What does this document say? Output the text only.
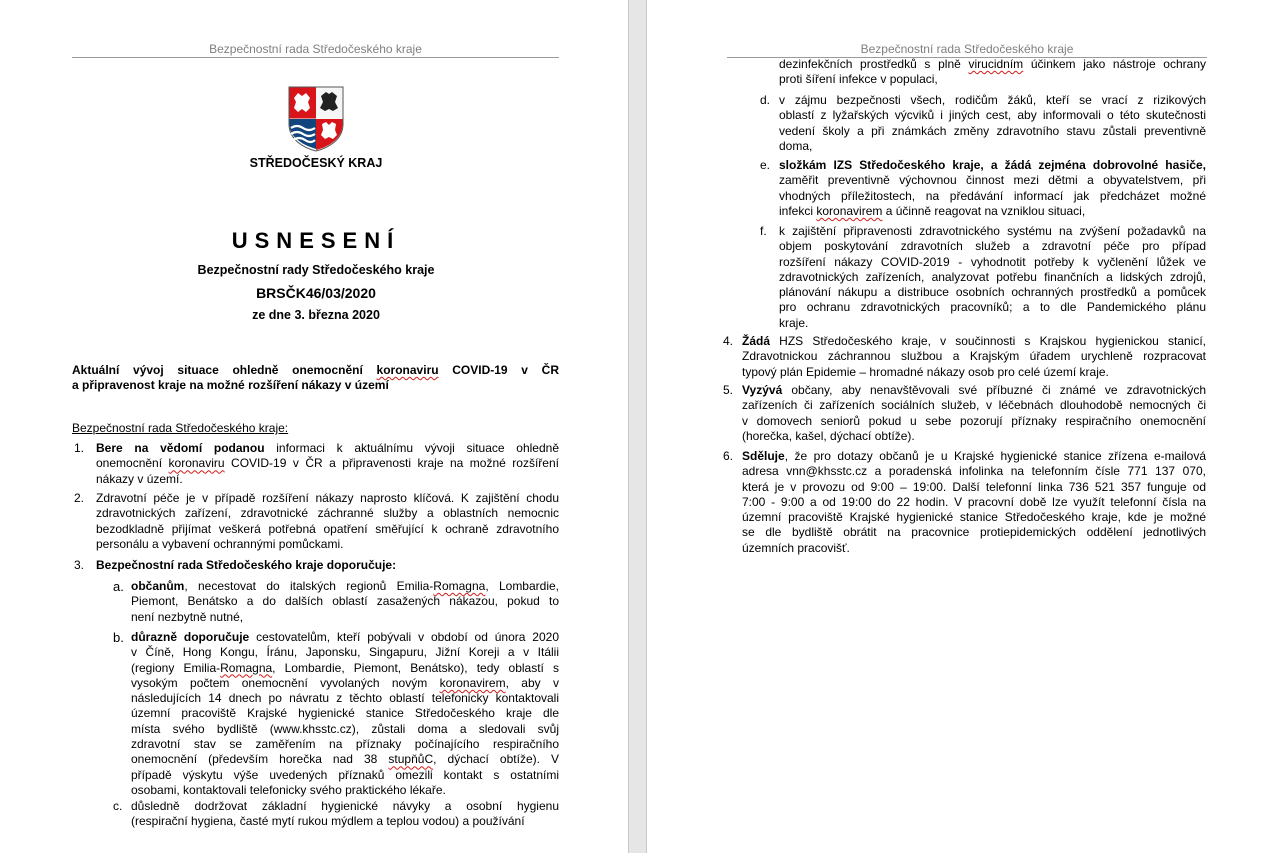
Bezpečnostní rada Středočeského kraje
STŘEDOČESKÝ KRAJ
USNESENÍ
Bezpečnostní rady Středočeského kraje
BRSČK46/03/2020
ze dne 3. března 2020
Aktuální vývoj situace ohledně onemocnění koronaviru COVID-19 v ČR
a připravenost kraje na možné rozšíření nákazy v území
Bezpečnostní rada Středočeského kraje:
1. Bere na vědomí podanou informaci k aktuálnímu vývoji situace ohledně
onemocnění koronaviru COVID-19 v ČR a připravenosti kraje na možné rozšíření
nákazy v území.
2. Zdravotní péče je v případě rozšíření nákazy naprosto klíčová. K zajištění chodu
zdravotnických zařízení, zdravotnické záchranné služby a oblastních nemocnic
bezodkladně přijímat veškerá potřebná opatření směřující k ochraně zdravotního
personálu a vybavení ochrannými pomůckami.
3. Bezpečnostní rada Středočeského kraje doporučuje:
a. občanům, necestovat do italských regionů Emilia-Romagna, Lombardie,
Piemont, Benátsko a do dalších oblastí zasažených nákazou, pokud to
není nezbytně nutné,
b. důrazně doporučuje cestovatelům, kteří pobývali v období od února 2020
v Číně, Hong Kongu, Íránu, Japonsku, Singapuru, Jižní Koreji a v Itálii
(regiony Emilia-Romagna, Lombardie, Piemont, Benátsko), tedy oblastí s
vysokým počtem onemocnění vyvolaných novým koronavirem, aby v
následujících 14 dnech po návratu z těchto oblastí telefonicky kontaktovali
územní pracoviště Krajské hygienické stanice Středočeského kraje dle
místa svého bydliště (www.khsstc.cz), zůstali doma a sledovali svůj
zdravotní stav se zaměřením na příznaky počínajícího respiračního
onemocnění (především horečka nad 38 stupňůC, dýchací obtíže). V
případě výskytu výše uvedených příznaků omezili kontakt s ostatními
osobami, kontaktovali telefonicky svého praktického lékaře.
c. důsledně dodržovat základní hygienické návyky a osobní hygienu
(respirační hygiena, časté mytí rukou mýdlem a teplou vodou) a používání
Bezpečnostní rada Středočeského kraje
dezinfekčních prostředků s plně virucidním účinkem jako nástroje ochrany
proti šíření infekce v populaci,
d. v zájmu bezpečnosti všech, rodičům žáků, kteří se vrací z rizikových
oblastí z lyžařských výcviků i jiných cest, aby informovali o této skutečnosti
vedení školy a při známkách změny zdravotního stavu zůstali preventivně
doma,
e. složkám IZS Středočeského kraje, a žádá zejména dobrovolné hasiče,
zaměřit preventivně výchovnou činnost mezi dětmi a obyvatelstvem, při
vhodných příležitostech, na předávání informací jak předcházet možné
infekci koronavirem a účinně reagovat na vzniklou situaci,
f. k zajištění připravenosti zdravotnického systému na zvýšení požadavků na
objem poskytování zdravotních služeb a zdravotní péče pro případ
rozšíření nákazy COVID-2019 - vyhodnotit potřeby k vyčlenění lůžek ve
zdravotnických zařízeních, analyzovat potřebu finančních a lidských zdrojů,
plánování nákupu a distribuce osobních ochranných prostředků a pomůcek
pro ochranu zdravotnických pracovníků; a to dle Pandemického plánu
kraje.
4. Žádá HZS Středočeského kraje, v součinnosti s Krajskou hygienickou stanicí,
Zdravotnickou záchrannou službou a Krajským úřadem urychleně rozpracovat
typový plán Epidemie – hromadné nákazy osob pro celé území kraje.
5. Vyzývá občany, aby nenavštěvovali své příbuzné či známé ve zdravotnických
zařízeních či zařízeních sociálních služeb, v léčebnách dlouhodobě nemocných či
v domovech seniorů pokud u sebe pozorují příznaky respiračního onemocnění
(horečka, kašel, dýchací obtíže).
6. Sděluje, že pro dotazy občanů je u Krajské hygienické stanice zřízena e-mailová
adresa vnn@khsstc.cz a poradenská infolinka na telefonním čísle 771 137 070,
která je v provozu od 9:00 – 19:00. Další telefonní linka 736 521 357 funguje od
7:00 - 9:00 a od 19:00 do 22 hodin. V pracovní době lze využít telefonní čísla na
územní pracoviště Krajské hygienické stanice Středočeského kraje, kde je možné
se dle bydliště obrátit na pracovnice protiepidemických oddělení jednotlivých
územních pracovišť.
